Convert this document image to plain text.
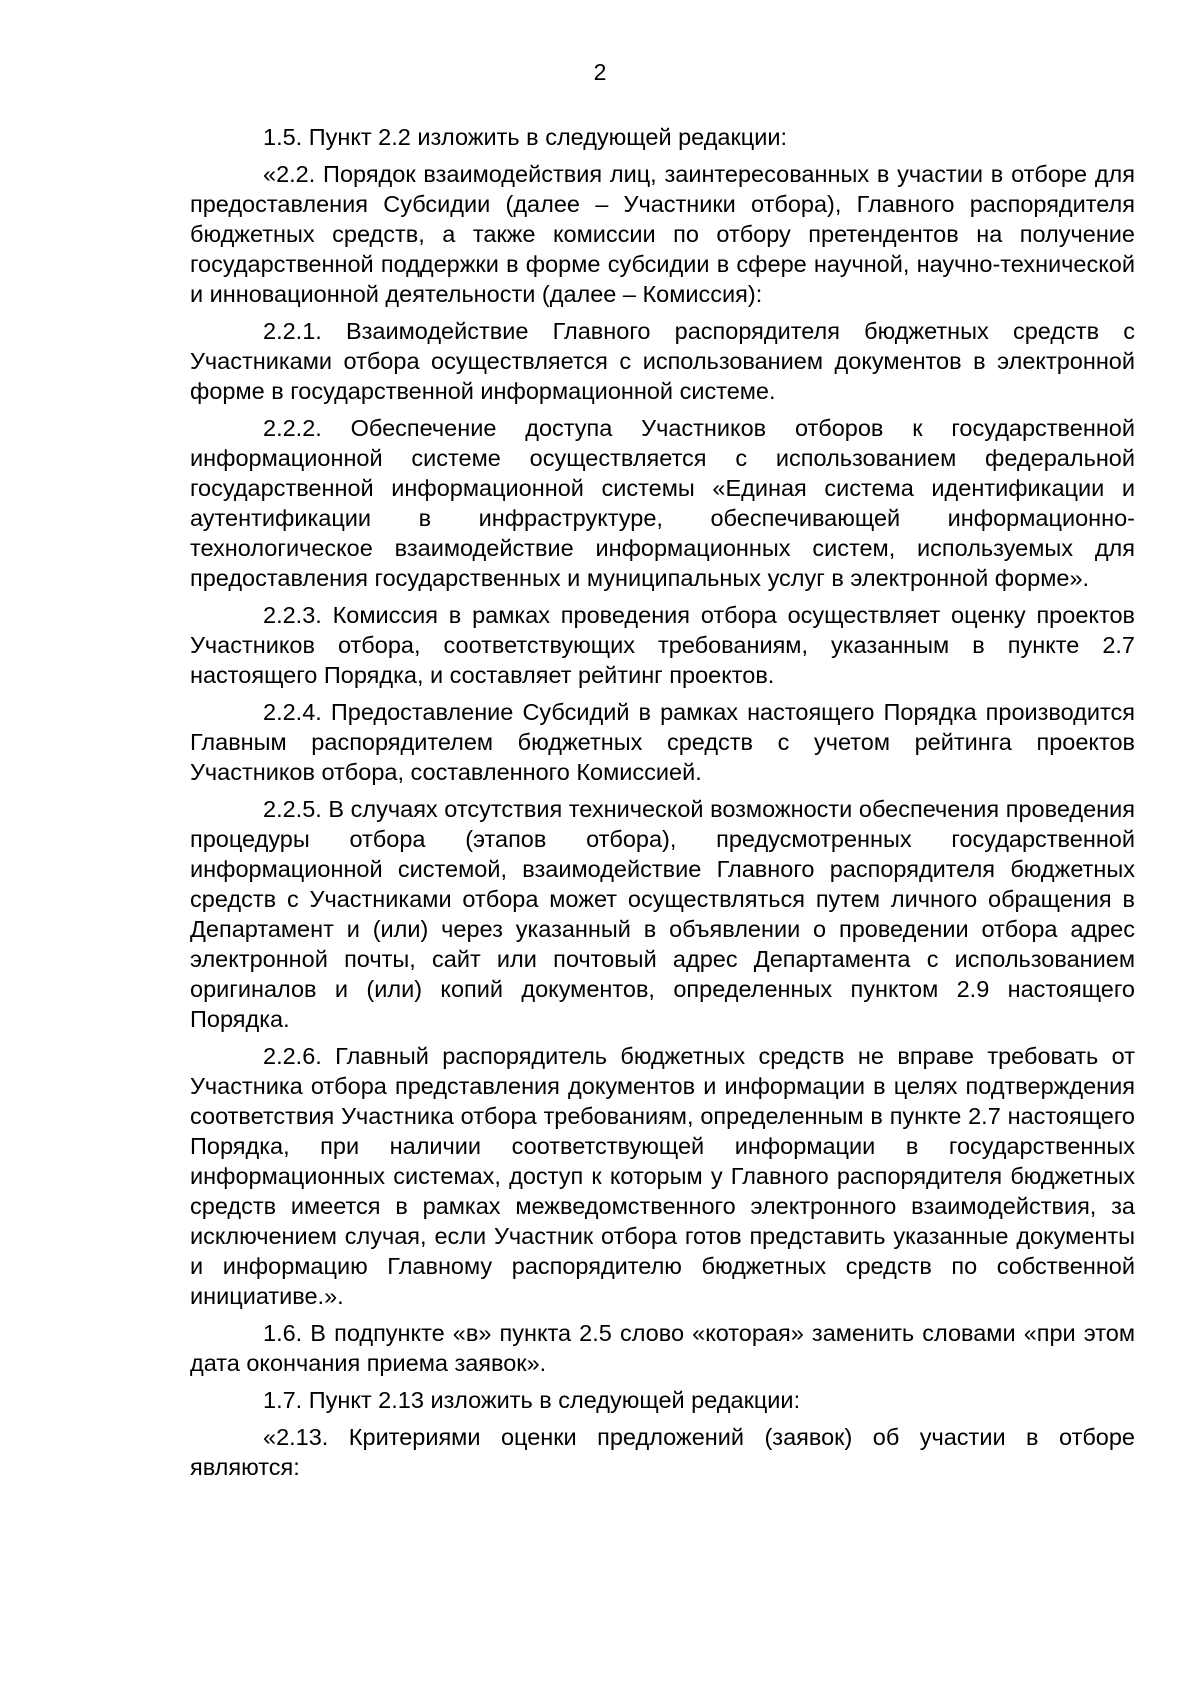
2

1.5. Пункт 2.2 изложить в следующей редакции:

«2.2. Порядок взаимодействия лиц, заинтересованных в участии в отборе для предоставления Субсидии (далее – Участники отбора), Главного распорядителя бюджетных средств, а также комиссии по отбору претендентов на получение государственной поддержки в форме субсидии в сфере научной, научно-технической и инновационной деятельности (далее – Комиссия):

2.2.1. Взаимодействие Главного распорядителя бюджетных средств с Участниками отбора осуществляется с использованием документов в электронной форме в государственной информационной системе.

2.2.2. Обеспечение доступа Участников отборов к государственной информационной системе осуществляется с использованием федеральной государственной информационной системы «Единая система идентификации и аутентификации в инфраструктуре, обеспечивающей информационно-технологическое взаимодействие информационных систем, используемых для предоставления государственных и муниципальных услуг в электронной форме».

2.2.3. Комиссия в рамках проведения отбора осуществляет оценку проектов Участников отбора, соответствующих требованиям, указанным в пункте 2.7 настоящего Порядка, и составляет рейтинг проектов.

2.2.4. Предоставление Субсидий в рамках настоящего Порядка производится Главным распорядителем бюджетных средств с учетом рейтинга проектов Участников отбора, составленного Комиссией.

2.2.5. В случаях отсутствия технической возможности обеспечения проведения процедуры отбора (этапов отбора), предусмотренных государственной информационной системой, взаимодействие Главного распорядителя бюджетных средств с Участниками отбора может осуществляться путем личного обращения в Департамент и (или) через указанный в объявлении о проведении отбора адрес электронной почты, сайт или почтовый адрес Департамента с использованием оригиналов и (или) копий документов, определенных пунктом 2.9 настоящего Порядка.

2.2.6. Главный распорядитель бюджетных средств не вправе требовать от Участника отбора представления документов и информации в целях подтверждения соответствия Участника отбора требованиям, определенным в пункте 2.7 настоящего Порядка, при наличии соответствующей информации в государственных информационных системах, доступ к которым у Главного распорядителя бюджетных средств имеется в рамках межведомственного электронного взаимодействия, за исключением случая, если Участник отбора готов представить указанные документы и информацию Главному распорядителю бюджетных средств по собственной инициативе.».

1.6. В подпункте «в» пункта 2.5 слово «которая» заменить словами «при этом дата окончания приема заявок».

1.7. Пункт 2.13 изложить в следующей редакции:

«2.13. Критериями оценки предложений (заявок) об участии в отборе являются:
